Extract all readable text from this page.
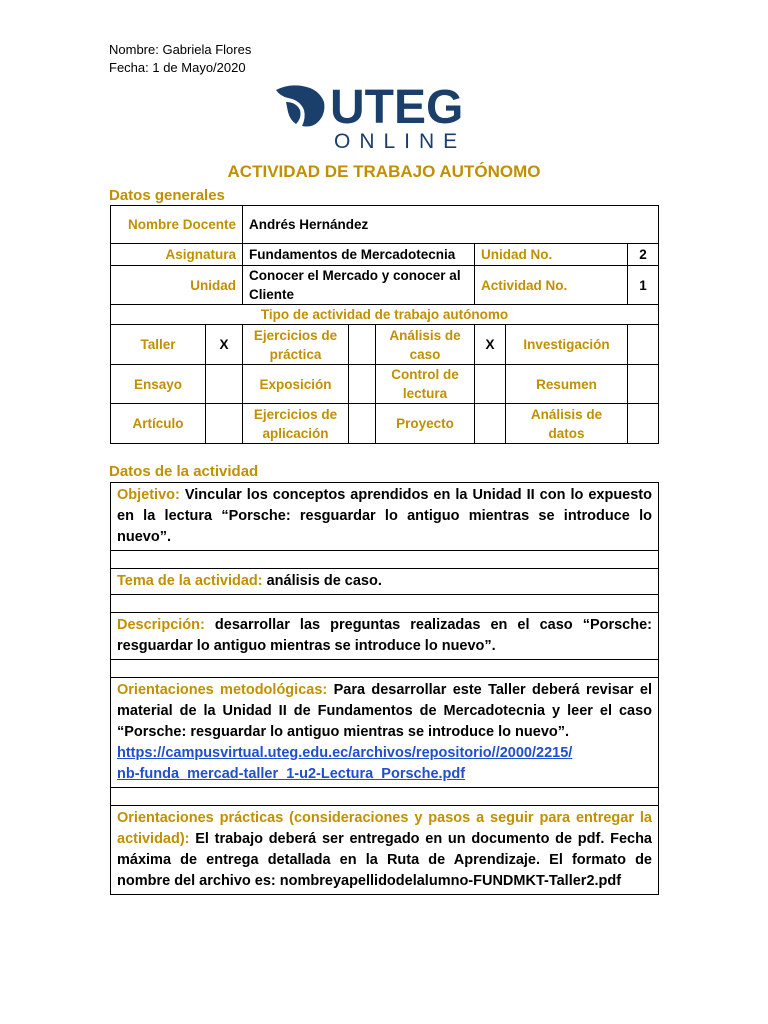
Nombre: Gabriela Flores
Fecha: 1 de Mayo/2020
UTEG
ONLINE
ACTIVIDAD DE TRABAJO AUTÓNOMO
Datos generales
Nombre Docente		Andrés Hernández					
Asignatura		Fundamentos de Mercadotecnia			Unidad No.		2
Unidad		Conocer el Mercado y conocer al Cliente			Actividad No.		1
Tipo de actividad de trabajo autónomo							
Taller	X	Ejercicios de práctica		Análisis de caso	X	Investigación	
Ensayo		Exposición		Control de lectura		Resumen	
Artículo		Ejercicios de aplicación		Proyecto		Análisis de datos	
Datos de la actividad
Objetivo: Vincular los conceptos aprendidos en la Unidad II con lo expuesto en la lectura “Porsche: resguardar lo antiguo mientras se introduce lo nuevo”.

Tema de la actividad: análisis de caso.

Descripción: desarrollar las preguntas realizadas en el caso “Porsche: resguardar lo antiguo mientras se introduce lo nuevo”.

Orientaciones metodológicas: Para desarrollar este Taller deberá revisar el material de la Unidad II de Fundamentos de Mercadotecnia y leer el caso “Porsche: resguardar lo antiguo mientras se introduce lo nuevo”.
https://campusvirtual.uteg.edu.ec/archivos/repositorio//2000/2215/
nb-funda_mercad-taller_1-u2-Lectura_Porsche.pdf

Orientaciones prácticas (consideraciones y pasos a seguir para entregar la actividad): El trabajo deberá ser entregado en un documento de pdf. Fecha máxima de entrega detallada en la Ruta de Aprendizaje. El formato de nombre del archivo es: nombreyapellidodelalumno-FUNDMKT-Taller2.pdf
